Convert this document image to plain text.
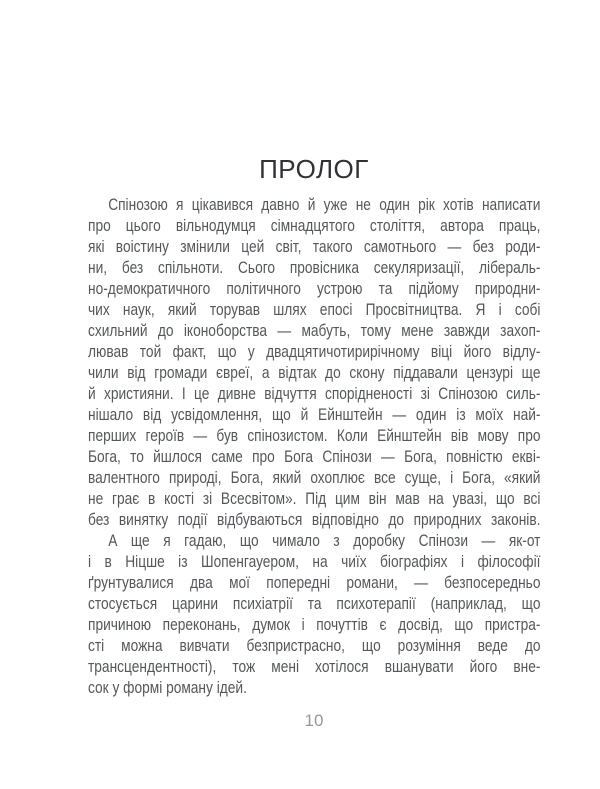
ПРОЛОГ
Спінозою я цікавився давно й уже не один рік хотів написати
про цього вільнодумця сімнадцятого століття, автора праць,
які воістину змінили цей світ, такого самотнього — без роди-
ни, без спільноти. Сього провісника секуляризації, лібераль-
но-демократичного політичного устрою та підйому природни-
чих наук, який торував шлях епосі Просвітництва. Я і собі
схильний до іконоборства — мабуть, тому мене завжди захоп-
лював той факт, що у двадцятичотирирічному віці його відлу-
чили від громади євреї, а відтак до скону піддавали цензурі ще
й християни. І це дивне відчуття спорідненості зі Спінозою силь-
нішало від усвідомлення, що й Ейнштейн — один із моїх най-
перших героїв — був спінозистом. Коли Ейнштейн вів мову про
Бога, то йшлося саме про Бога Спінози — Бога, повністю екві-
валентного природі, Бога, який охоплює все суще, і Бога, «який
не грає в кості зі Всесвітом». Під цим він мав на увазі, що всі
без винятку події відбуваються відповідно до природних законів.
А ще я гадаю, що чимало з доробку Спінози — як-от
і в Ніцше із Шопенгауером, на чиїх біографіях і філософії
ґрунтувалися два мої попередні романи, — безпосередньо
стосується царини психіатрії та психотерапії (наприклад, що
причиною переконань, думок і почуттів є досвід, що пристра-
сті можна вивчати безпристрасно, що розуміння веде до
трансцендентності), тож мені хотілося вшанувати його вне-
сок у формі роману ідей.
10
